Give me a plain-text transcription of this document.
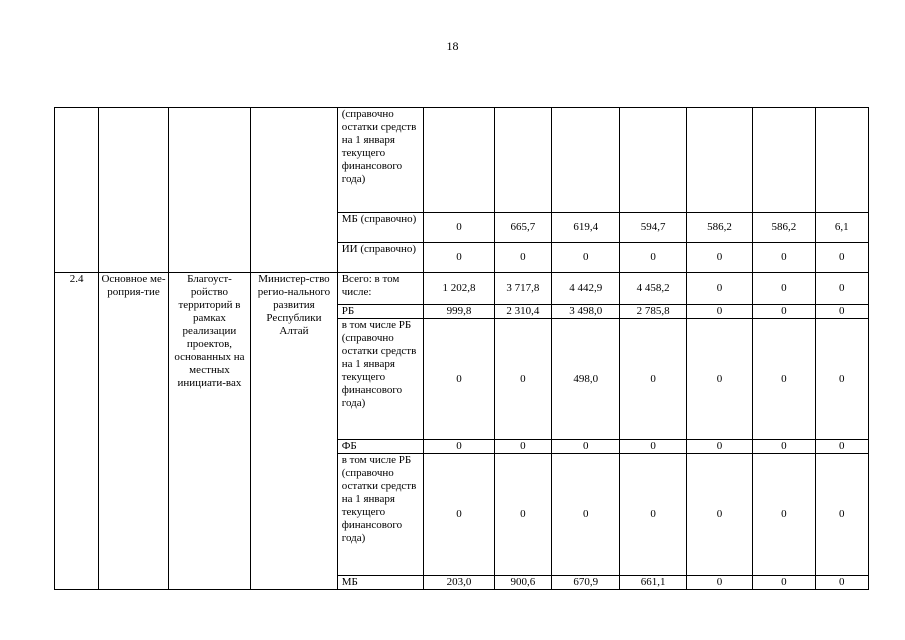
18
				(справочно остатки средств на 1 января текущего финансового года)							
				МБ (справочно)	0	665,7	619,4	594,7	586,2	586,2	6,1
				ИИ (справочно)	0	0	0	0	0	0	0
2.4	Основное ме-роприя-тие	Благоуст-ройство территорий в рамках реализации проектов, основанных на местных инициати-вах	Министер-ство регио-нального развития Республики Алтай	Всего: в том числе:	1 202,8	3 717,8	4 442,9	4 458,2	0	0	0
				РБ	999,8	2 310,4	3 498,0	2 785,8	0	0	0
				в том числе РБ (справочно остатки средств на 1 января текущего финансового года)	0	0	498,0	0	0	0	0
				ФБ	0	0	0	0	0	0	0
				в том числе РБ (справочно остатки средств на 1 января текущего финансового года)	0	0	0	0	0	0	0
				МБ	203,0	900,6	670,9	661,1	0	0	0
